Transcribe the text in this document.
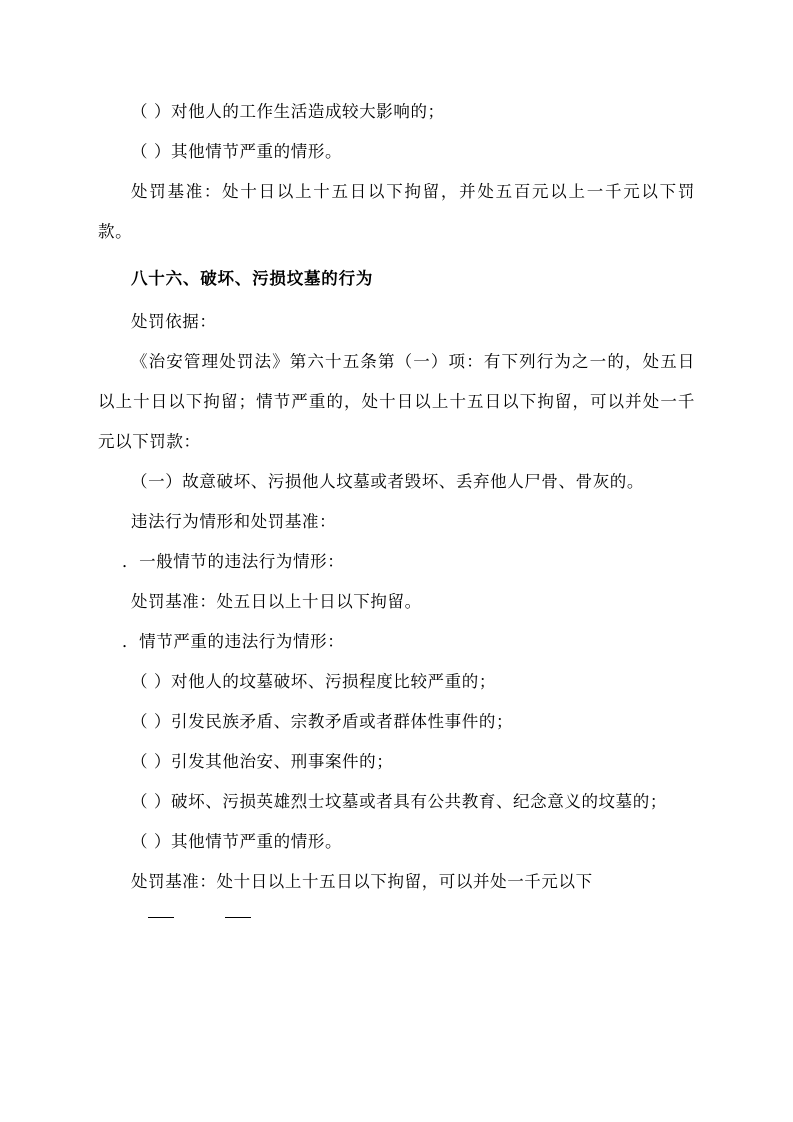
（ ）对他人的工作生活造成较大影响的；

（ ）其他情节严重的情形。

处罚基准：处十日以上十五日以下拘留，并处五百元以上一千元以下罚款。

八十六、破坏、污损坟墓的行为

处罚依据：

《治安管理处罚法》第六十五条第（一）项：有下列行为之一的，处五日以上十日以下拘留；情节严重的，处十日以上十五日以下拘留，可以并处一千元以下罚款：

（一）故意破坏、污损他人坟墓或者毁坏、丢弃他人尸骨、骨灰的。

违法行为情形和处罚基准：

．一般情节的违法行为情形：

处罚基准：处五日以上十日以下拘留。

．情节严重的违法行为情形：

（ ）对他人的坟墓破坏、污损程度比较严重的；

（ ）引发民族矛盾、宗教矛盾或者群体性事件的；

（ ）引发其他治安、刑事案件的；

（ ）破坏、污损英雄烈士坟墓或者具有公共教育、纪念意义的坟墓的；

（ ）其他情节严重的情形。

处罚基准：处十日以上十五日以下拘留，可以并处一千元以下
